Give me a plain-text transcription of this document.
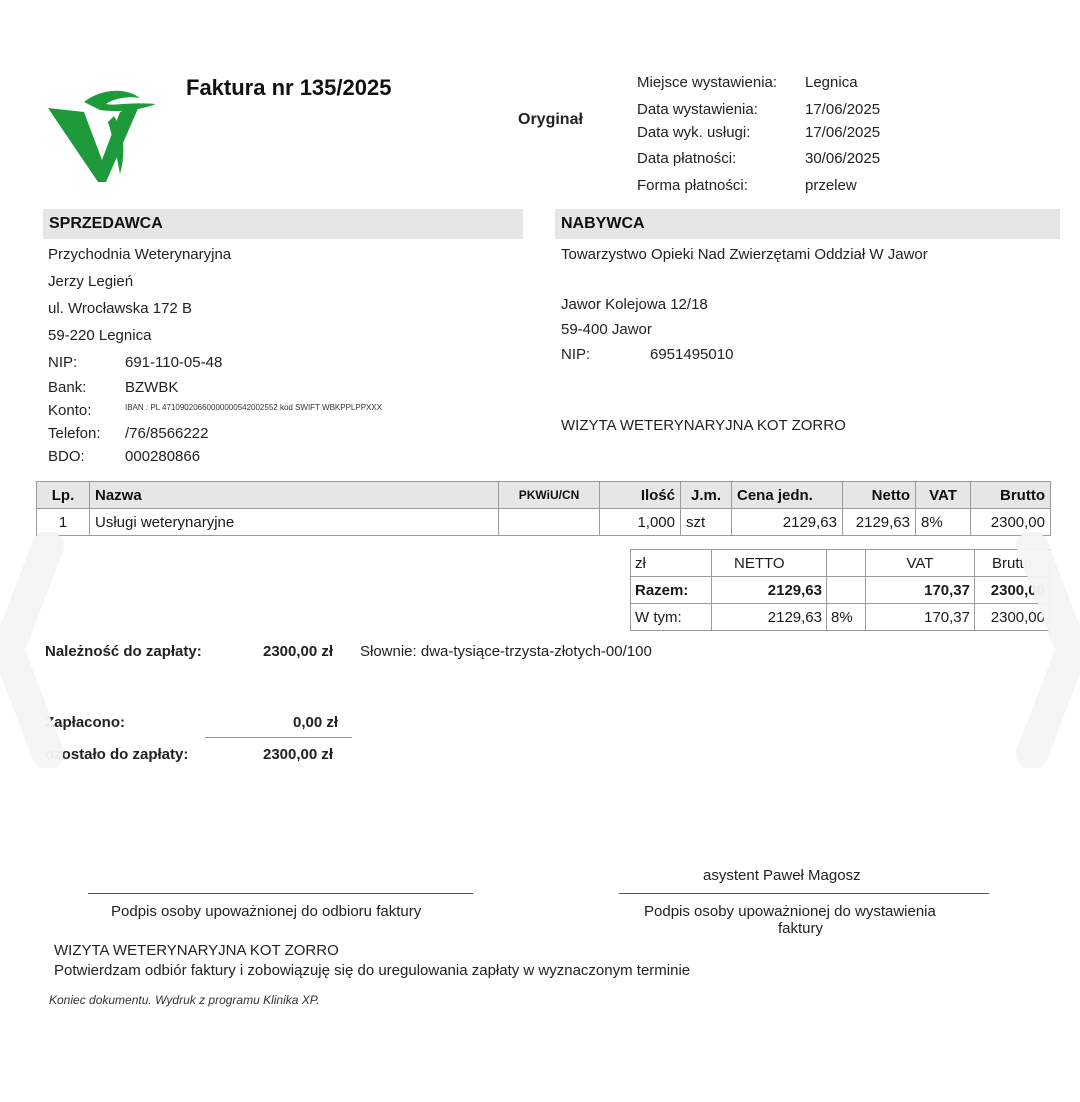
Faktura nr 135/2025
Oryginał
Miejsce wystawienia: Legnica
Data wystawienia:	17/06/2025
Data wyk. usługi:	17/06/2025
Data płatności:	30/06/2025
Forma płatności:	przelew
SPRZEDAWCA
Przychodnia Weterynaryjna
Jerzy Legień
ul. Wrocławska 172 B
59-220 Legnica
NIP:	691-110-05-48
Bank:	BZWBK
Konto:	IBAN : PL 47109020660000000542002552 kod SWIFT WBKPPLPPXXX
Telefon: /76/8566222
BDO:	000280866
NABYWCA
Towarzystwo Opieki Nad Zwierzętami Oddział W Jawor
Jawor Kolejowa 12/18
59-400 Jawor
NIP:	6951495010
WIZYTA WETERYNARYJNA KOT ZORRO
Lp.	Nazwa	PKWiU/CN	Ilość	J.m.	Cena jedn.	Netto	VAT	Brutto
1	Usługi weterynaryjne		1,000	szt	2129,63	2129,63	8%	2300,00
zł	NETTO		VAT	Brutto
Razem:	2129,63		170,37	2300,00
W tym:	2129,63	8%	170,37	2300,00
Należność do zapłaty:	2300,00 zł Słownie: dwa-tysiące-trzysta-złotych-00/100
Zapłacono:	0,00 zł
ozostało do zapłaty:	2300,00 zł
asystent Paweł Magosz
Podpis osoby upoważnionej do odbioru faktury	Podpis osoby upoważnionej do wystawienia
faktury
WIZYTA WETERYNARYJNA KOT ZORRO
Potwierdzam odbiór faktury i zobowiązuję się do uregulowania zapłaty w wyznaczonym terminie
Koniec dokumentu. Wydruk z programu Klinika XP.
